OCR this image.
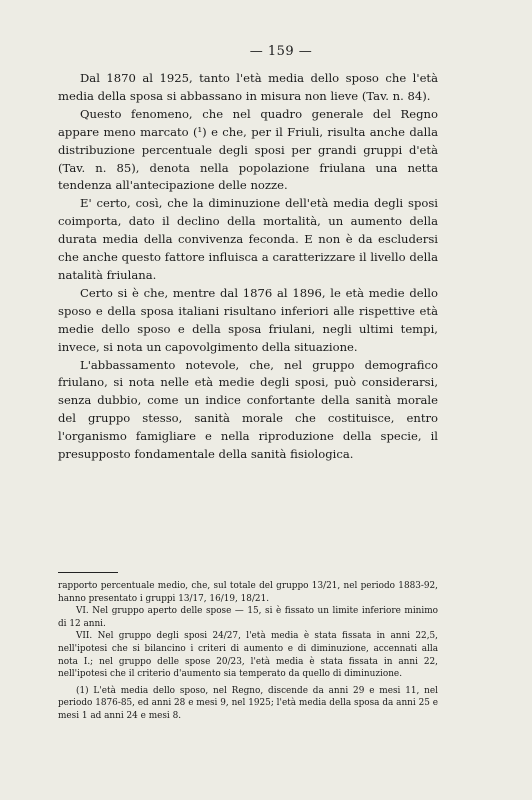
— 159 —

Dal 1870 al 1925, tanto l'età media dello sposo che l'età media della sposa si abbassano in misura non lieve (Tav. n. 84).

Questo fenomeno, che nel quadro generale del Regno appare meno marcato (¹) e che, per il Friuli, risulta anche dalla distribuzione percentuale degli sposi per grandi gruppi d'età (Tav. n. 85), denota nella popolazione friulana una netta tendenza all'antecipazione delle nozze.

E' certo, così, che la diminuzione dell'età media degli sposi coimporta, dato il declino della mortalità, un aumento della durata media della convivenza feconda. E non è da escludersi che anche questo fattore influisca a caratterizzare il livello della natalità friulana.

Certo si è che, mentre dal 1876 al 1896, le età medie dello sposo e della sposa italiani risultano inferiori alle rispettive età medie dello sposo e della sposa friulani, negli ultimi tempi, invece, si nota un capovolgimento della situazione.

L'abbassamento notevole, che, nel gruppo demografico friulano, si nota nelle età medie degli sposi, può considerarsi, senza dubbio, come un indice confortante della sanità morale del gruppo stesso, sanità morale che costituisce, entro l'organismo famigliare e nella riproduzione della specie, il presupposto fondamentale della sanità fisiologica.

rapporto percentuale medio, che, sul totale del gruppo 13/21, nel periodo 1883-92, hanno presentato i gruppi 13/17, 16/19, 18/21.

VI. Nel gruppo aperto delle spose — 15, si è fissato un limite inferiore minimo di 12 anni.

VII. Nel gruppo degli sposi 24/27, l'età media è stata fissata in anni 22,5, nell'ipotesi che si bilancino i criteri di aumento e di diminuzione, accennati alla nota I.; nel gruppo delle spose 20/23, l'età media è stata fissata in anni 22, nell'ipotesi che il criterio d'aumento sia temperato da quello di diminuzione.

(1) L'età media dello sposo, nel Regno, discende da anni 29 e mesi 11, nel periodo 1876-85, ed anni 28 e mesi 9, nel 1925; l'età media della sposa da anni 25 e mesi 1 ad anni 24 e mesi 8.
